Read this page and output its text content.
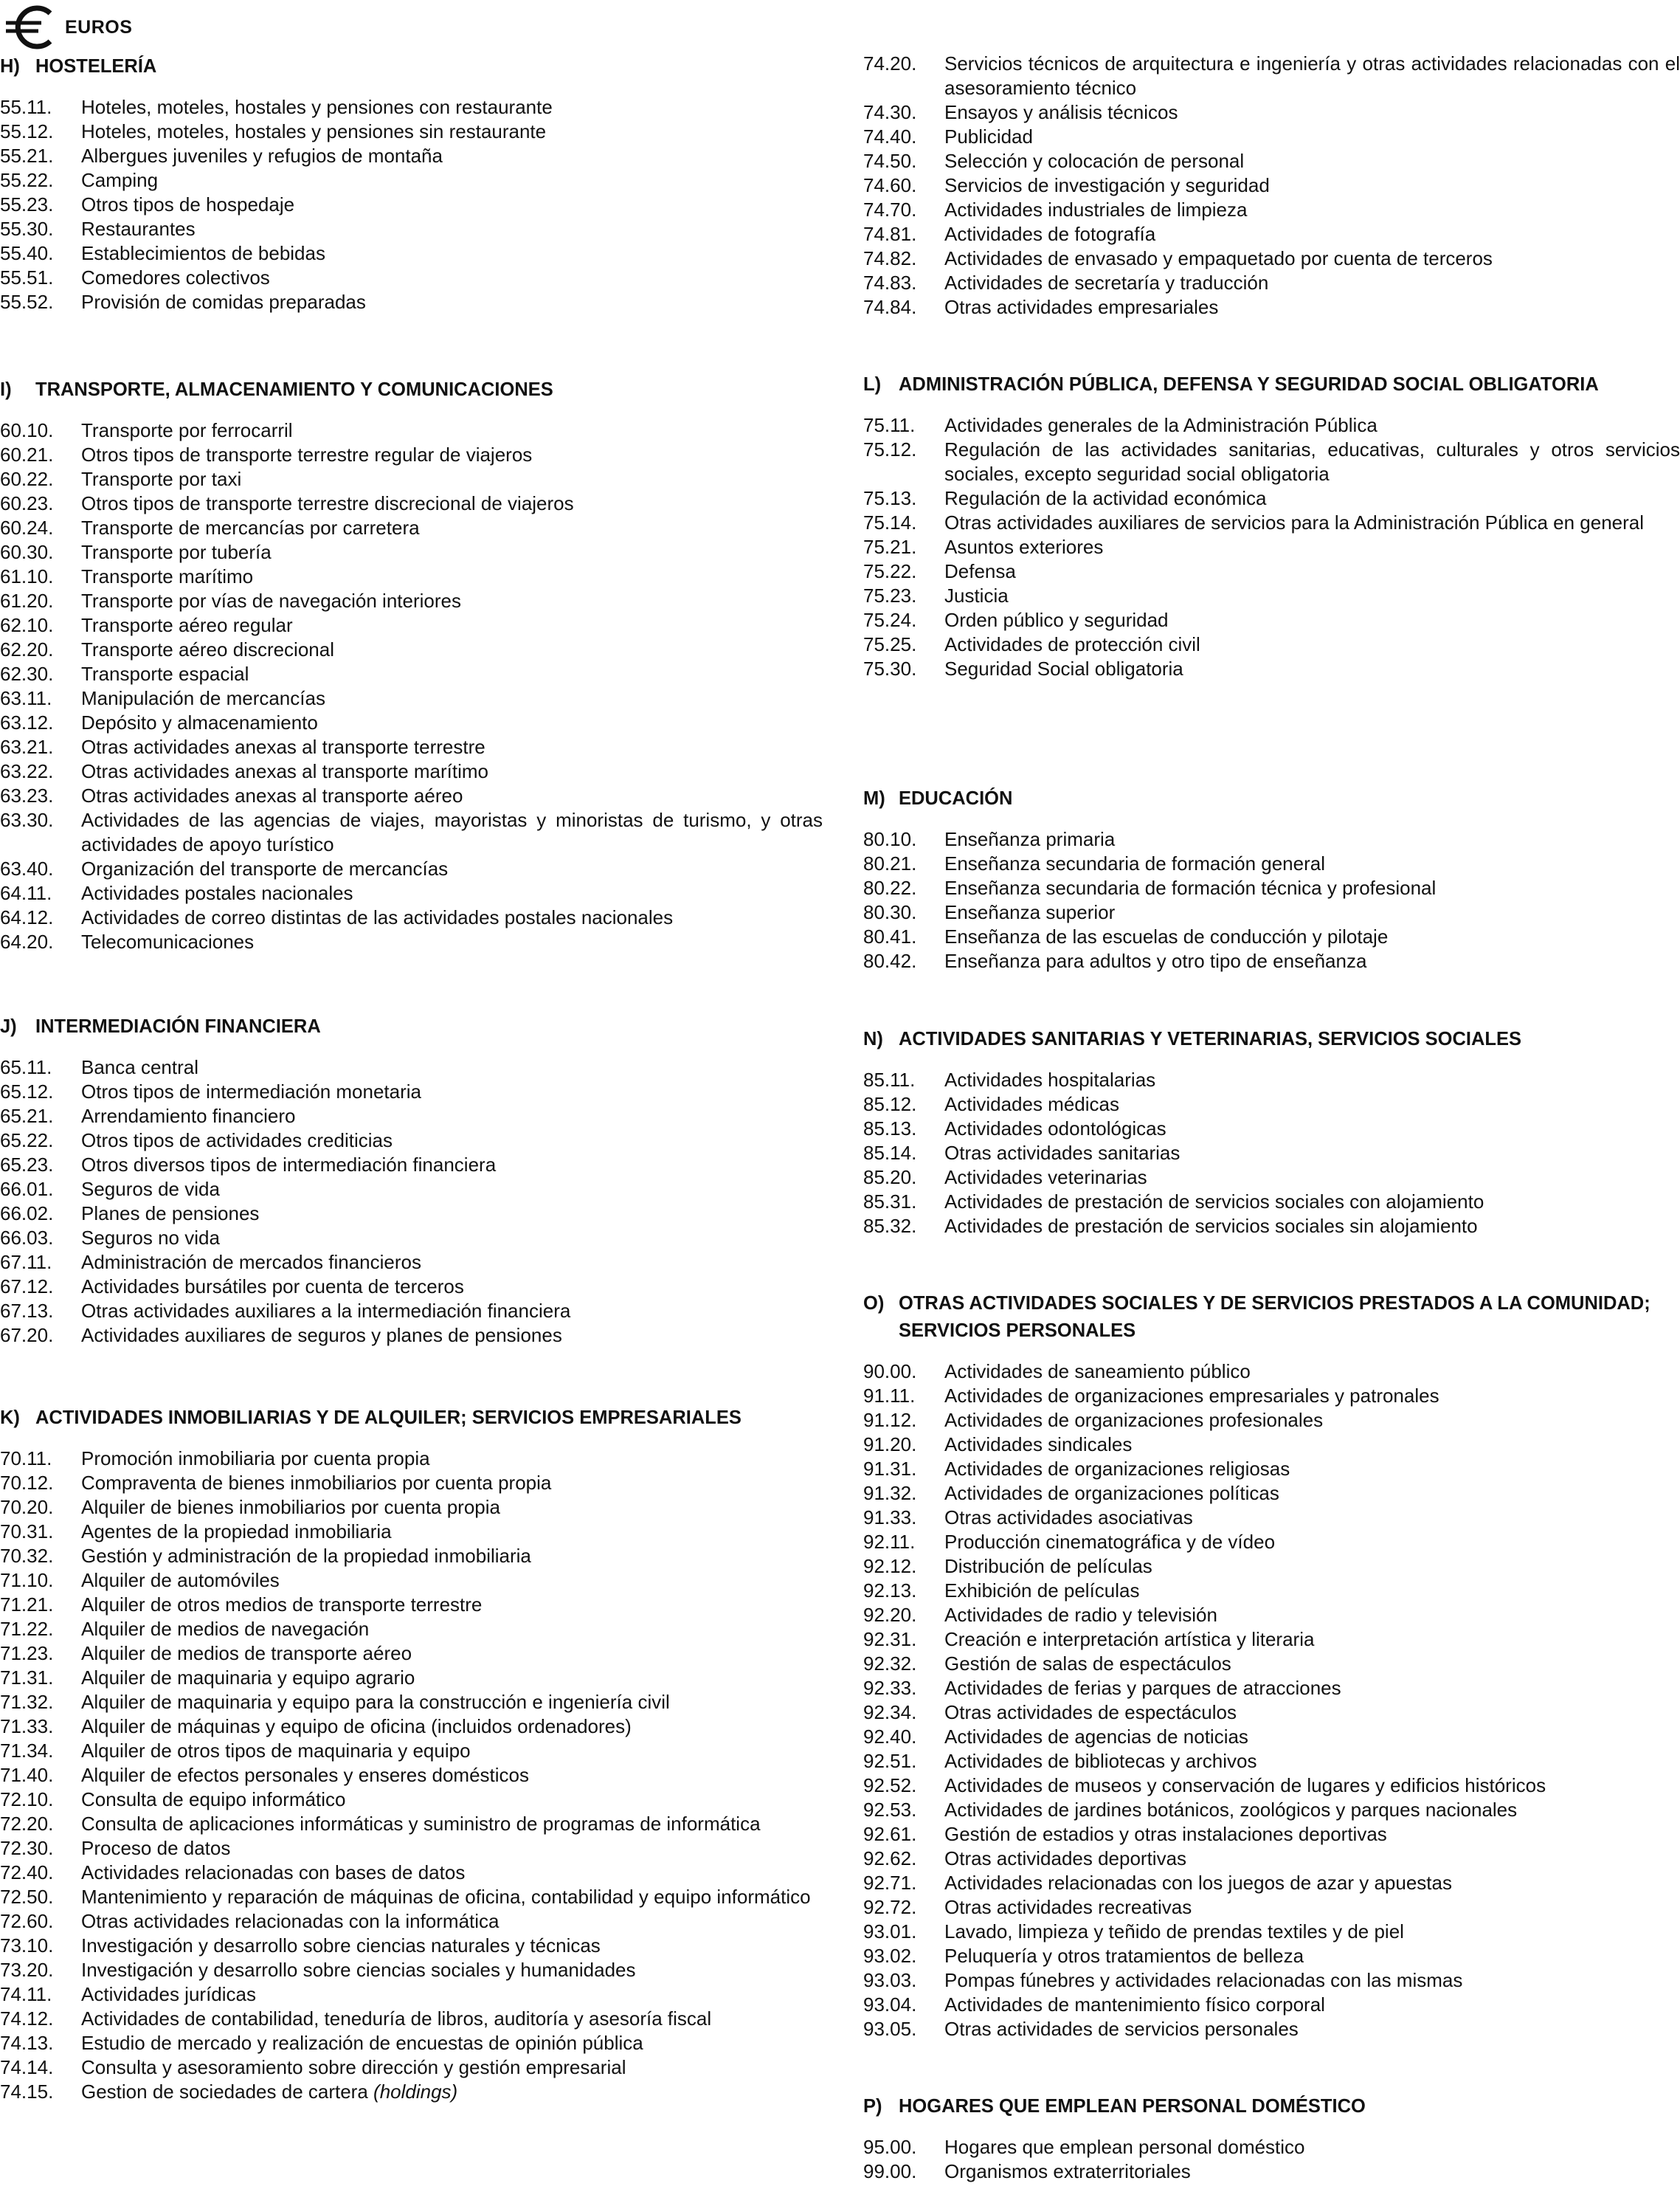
EUROS
H) HOSTELERÍA
55.11.	Hoteles, moteles, hostales y pensiones con restaurante
55.12.	Hoteles, moteles, hostales y pensiones sin restaurante
55.21.	Albergues juveniles y refugios de montaña
55.22.	Camping
55.23.	Otros tipos de hospedaje
55.30.	Restaurantes
55.40.	Establecimientos de bebidas
55.51.	Comedores colectivos
55.52.	Provisión de comidas preparadas
I)	TRANSPORTE, ALMACENAMIENTO Y COMUNICACIONES
60.10.	Transporte por ferrocarril
60.21.	Otros tipos de transporte terrestre regular de viajeros
60.22.	Transporte por taxi
60.23.	Otros tipos de transporte terrestre discrecional de viajeros
60.24.	Transporte de mercancías por carretera
60.30.	Transporte por tubería
61.10.	Transporte marítimo
61.20.	Transporte por vías de navegación interiores
62.10.	Transporte aéreo regular
62.20.	Transporte aéreo discrecional
62.30.	Transporte espacial
63.11.	Manipulación de mercancías
63.12.	Depósito y almacenamiento
63.21.	Otras actividades anexas al transporte terrestre
63.22.	Otras actividades anexas al transporte marítimo
63.23.	Otras actividades anexas al transporte aéreo
63.30.	Actividades de las agencias de viajes, mayoristas y minoristas de turismo, y otras actividades de apoyo turístico
63.40.	Organización del transporte de mercancías
64.11.	Actividades postales nacionales
64.12.	Actividades de correo distintas de las actividades postales nacionales
64.20.	Telecomunicaciones
J) INTERMEDIACIÓN FINANCIERA
65.11.	Banca central
65.12.	Otros tipos de intermediación monetaria
65.21.	Arrendamiento financiero
65.22.	Otros tipos de actividades crediticias
65.23.	Otros diversos tipos de intermediación financiera
66.01.	Seguros de vida
66.02.	Planes de pensiones
66.03.	Seguros no vida
67.11.	Administración de mercados financieros
67.12.	Actividades bursátiles por cuenta de terceros
67.13.	Otras actividades auxiliares a la intermediación financiera
67.20.	Actividades auxiliares de seguros y planes de pensiones
K) ACTIVIDADES INMOBILIARIAS Y DE ALQUILER; SERVICIOS EMPRESARIALES
70.11.	Promoción inmobiliaria por cuenta propia
70.12.	Compraventa de bienes inmobiliarios por cuenta propia
70.20.	Alquiler de bienes inmobiliarios por cuenta propia
70.31.	Agentes de la propiedad inmobiliaria
70.32.	Gestión y administración de la propiedad inmobiliaria
71.10.	Alquiler de automóviles
71.21.	Alquiler de otros medios de transporte terrestre
71.22.	Alquiler de medios de navegación
71.23.	Alquiler de medios de transporte aéreo
71.31.	Alquiler de maquinaria y equipo agrario
71.32.	Alquiler de maquinaria y equipo para la construcción e ingeniería civil
71.33.	Alquiler de máquinas y equipo de oficina (incluidos ordenadores)
71.34.	Alquiler de otros tipos de maquinaria y equipo
71.40.	Alquiler de efectos personales y enseres domésticos
72.10.	Consulta de equipo informático
72.20.	Consulta de aplicaciones informáticas y suministro de programas de informática
72.30.	Proceso de datos
72.40.	Actividades relacionadas con bases de datos
72.50.	Mantenimiento y reparación de máquinas de oficina, contabilidad y equipo informático
72.60.	Otras actividades relacionadas con la informática
73.10.	Investigación y desarrollo sobre ciencias naturales y técnicas
73.20.	Investigación y desarrollo sobre ciencias sociales y humanidades
74.11.	Actividades jurídicas
74.12.	Actividades de contabilidad, teneduría de libros, auditoría y asesoría fiscal
74.13.	Estudio de mercado y realización de encuestas de opinión pública
74.14.	Consulta y asesoramiento sobre dirección y gestión empresarial
74.15.	Gestion de sociedades de cartera (holdings)
74.20.	Servicios técnicos de arquitectura e ingeniería y otras actividades relacionadas con el asesoramiento técnico
74.30.	Ensayos y análisis técnicos
74.40.	Publicidad
74.50.	Selección y colocación de personal
74.60.	Servicios de investigación y seguridad
74.70.	Actividades industriales de limpieza
74.81.	Actividades de fotografía
74.82.	Actividades de envasado y empaquetado por cuenta de terceros
74.83.	Actividades de secretaría y traducción
74.84.	Otras actividades empresariales
L) ADMINISTRACIÓN PÚBLICA, DEFENSA Y SEGURIDAD SOCIAL OBLIGATORIA
75.11.	Actividades generales de la Administración Pública
75.12.	Regulación de las actividades sanitarias, educativas, culturales y otros servicios sociales, excepto seguridad social obligatoria
75.13.	Regulación de la actividad económica
75.14.	Otras actividades auxiliares de servicios para la Administración Pública en general
75.21.	Asuntos exteriores
75.22.	Defensa
75.23.	Justicia
75.24.	Orden público y seguridad
75.25.	Actividades de protección civil
75.30.	Seguridad Social obligatoria
M) EDUCACIÓN
80.10.	Enseñanza primaria
80.21.	Enseñanza secundaria de formación general
80.22.	Enseñanza secundaria de formación técnica y profesional
80.30.	Enseñanza superior
80.41.	Enseñanza de las escuelas de conducción y pilotaje
80.42.	Enseñanza para adultos y otro tipo de enseñanza
N) ACTIVIDADES SANITARIAS Y VETERINARIAS, SERVICIOS SOCIALES
85.11.	Actividades hospitalarias
85.12.	Actividades médicas
85.13.	Actividades odontológicas
85.14.	Otras actividades sanitarias
85.20.	Actividades veterinarias
85.31.	Actividades de prestación de servicios sociales con alojamiento
85.32.	Actividades de prestación de servicios sociales sin alojamiento
O) OTRAS ACTIVIDADES SOCIALES Y DE SERVICIOS PRESTADOS A LA COMUNIDAD; SERVICIOS PERSONALES
90.00.	Actividades de saneamiento público
91.11.	Actividades de organizaciones empresariales y patronales
91.12.	Actividades de organizaciones profesionales
91.20.	Actividades sindicales
91.31.	Actividades de organizaciones religiosas
91.32.	Actividades de organizaciones políticas
91.33.	Otras actividades asociativas
92.11.	Producción cinematográfica y de vídeo
92.12.	Distribución de películas
92.13.	Exhibición de películas
92.20.	Actividades de radio y televisión
92.31.	Creación e interpretación artística y literaria
92.32.	Gestión de salas de espectáculos
92.33.	Actividades de ferias y parques de atracciones
92.34.	Otras actividades de espectáculos
92.40.	Actividades de agencias de noticias
92.51.	Actividades de bibliotecas y archivos
92.52.	Actividades de museos y conservación de lugares y edificios históricos
92.53.	Actividades de jardines botánicos, zoológicos y parques nacionales
92.61.	Gestión de estadios y otras instalaciones deportivas
92.62.	Otras actividades deportivas
92.71.	Actividades relacionadas con los juegos de azar y apuestas
92.72.	Otras actividades recreativas
93.01.	Lavado, limpieza y teñido de prendas textiles y de piel
93.02.	Peluquería y otros tratamientos de belleza
93.03.	Pompas fúnebres y actividades relacionadas con las mismas
93.04.	Actividades de mantenimiento físico corporal
93.05.	Otras actividades de servicios personales
P) HOGARES QUE EMPLEAN PERSONAL DOMÉSTICO
95.00.	Hogares que emplean personal doméstico
99.00.	Organismos extraterritoriales
